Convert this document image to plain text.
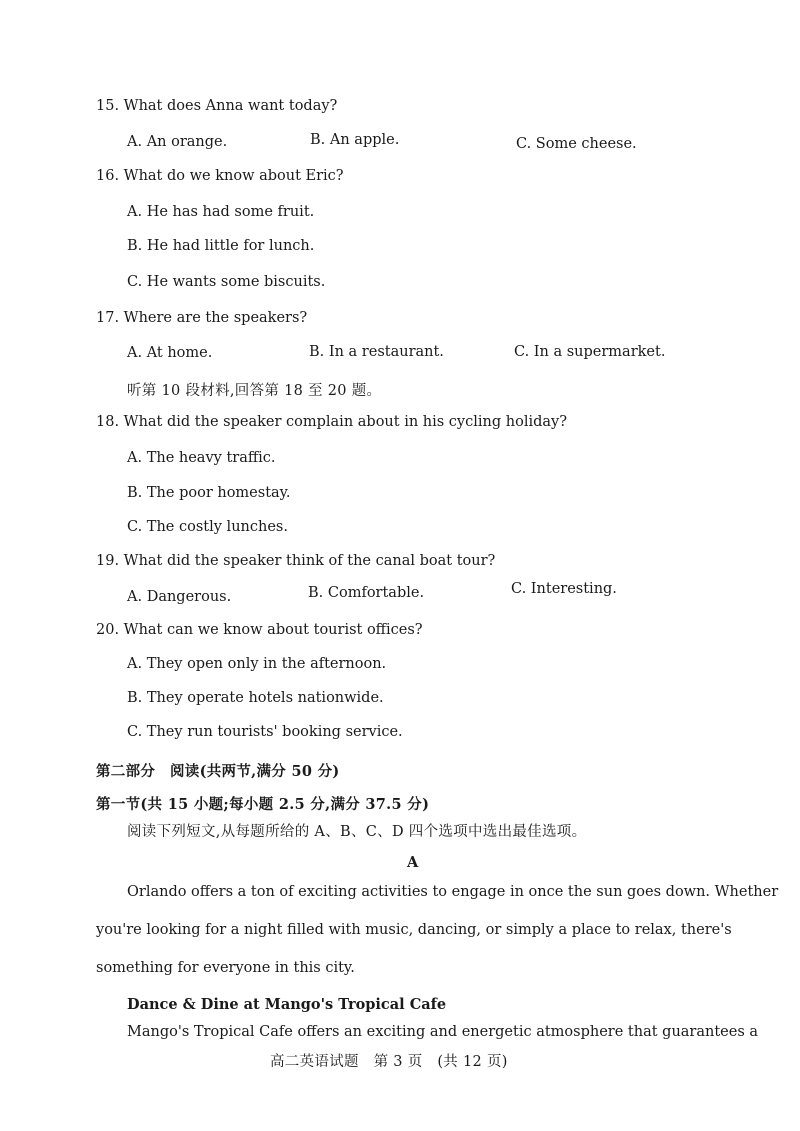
15. What does Anna want today?
A. An orange.	B. An apple.	C. Some cheese.
16. What do we know about Eric?
A. He has had some fruit.
B. He had little for lunch.
C. He wants some biscuits.
17. Where are the speakers?
A. At home.	B. In a restaurant.	C. In a supermarket.
听第 10 段材料,回答第 18 至 20 题。
18. What did the speaker complain about in his cycling holiday?
A. The heavy traffic.
B. The poor homestay.
C. The costly lunches.
19. What did the speaker think of the canal boat tour?
A. Dangerous.	B. Comfortable.	C. Interesting.
20. What can we know about tourist offices?
A. They open only in the afternoon.
B. They operate hotels nationwide.
C. They run tourists' booking service.
第二部分　阅读(共两节,满分 50 分)
第一节(共 15 小题;每小题 2.5 分,满分 37.5 分)
阅读下列短文,从每题所给的 A、B、C、D 四个选项中选出最佳选项。
A
Orlando offers a ton of exciting activities to engage in once the sun goes down. Whether
you're looking for a night filled with music, dancing, or simply a place to relax, there's
something for everyone in this city.
Dance & Dine at Mango's Tropical Cafe
Mango's Tropical Cafe offers an exciting and energetic atmosphere that guarantees a
高二英语试题　第 3 页　(共 12 页)
